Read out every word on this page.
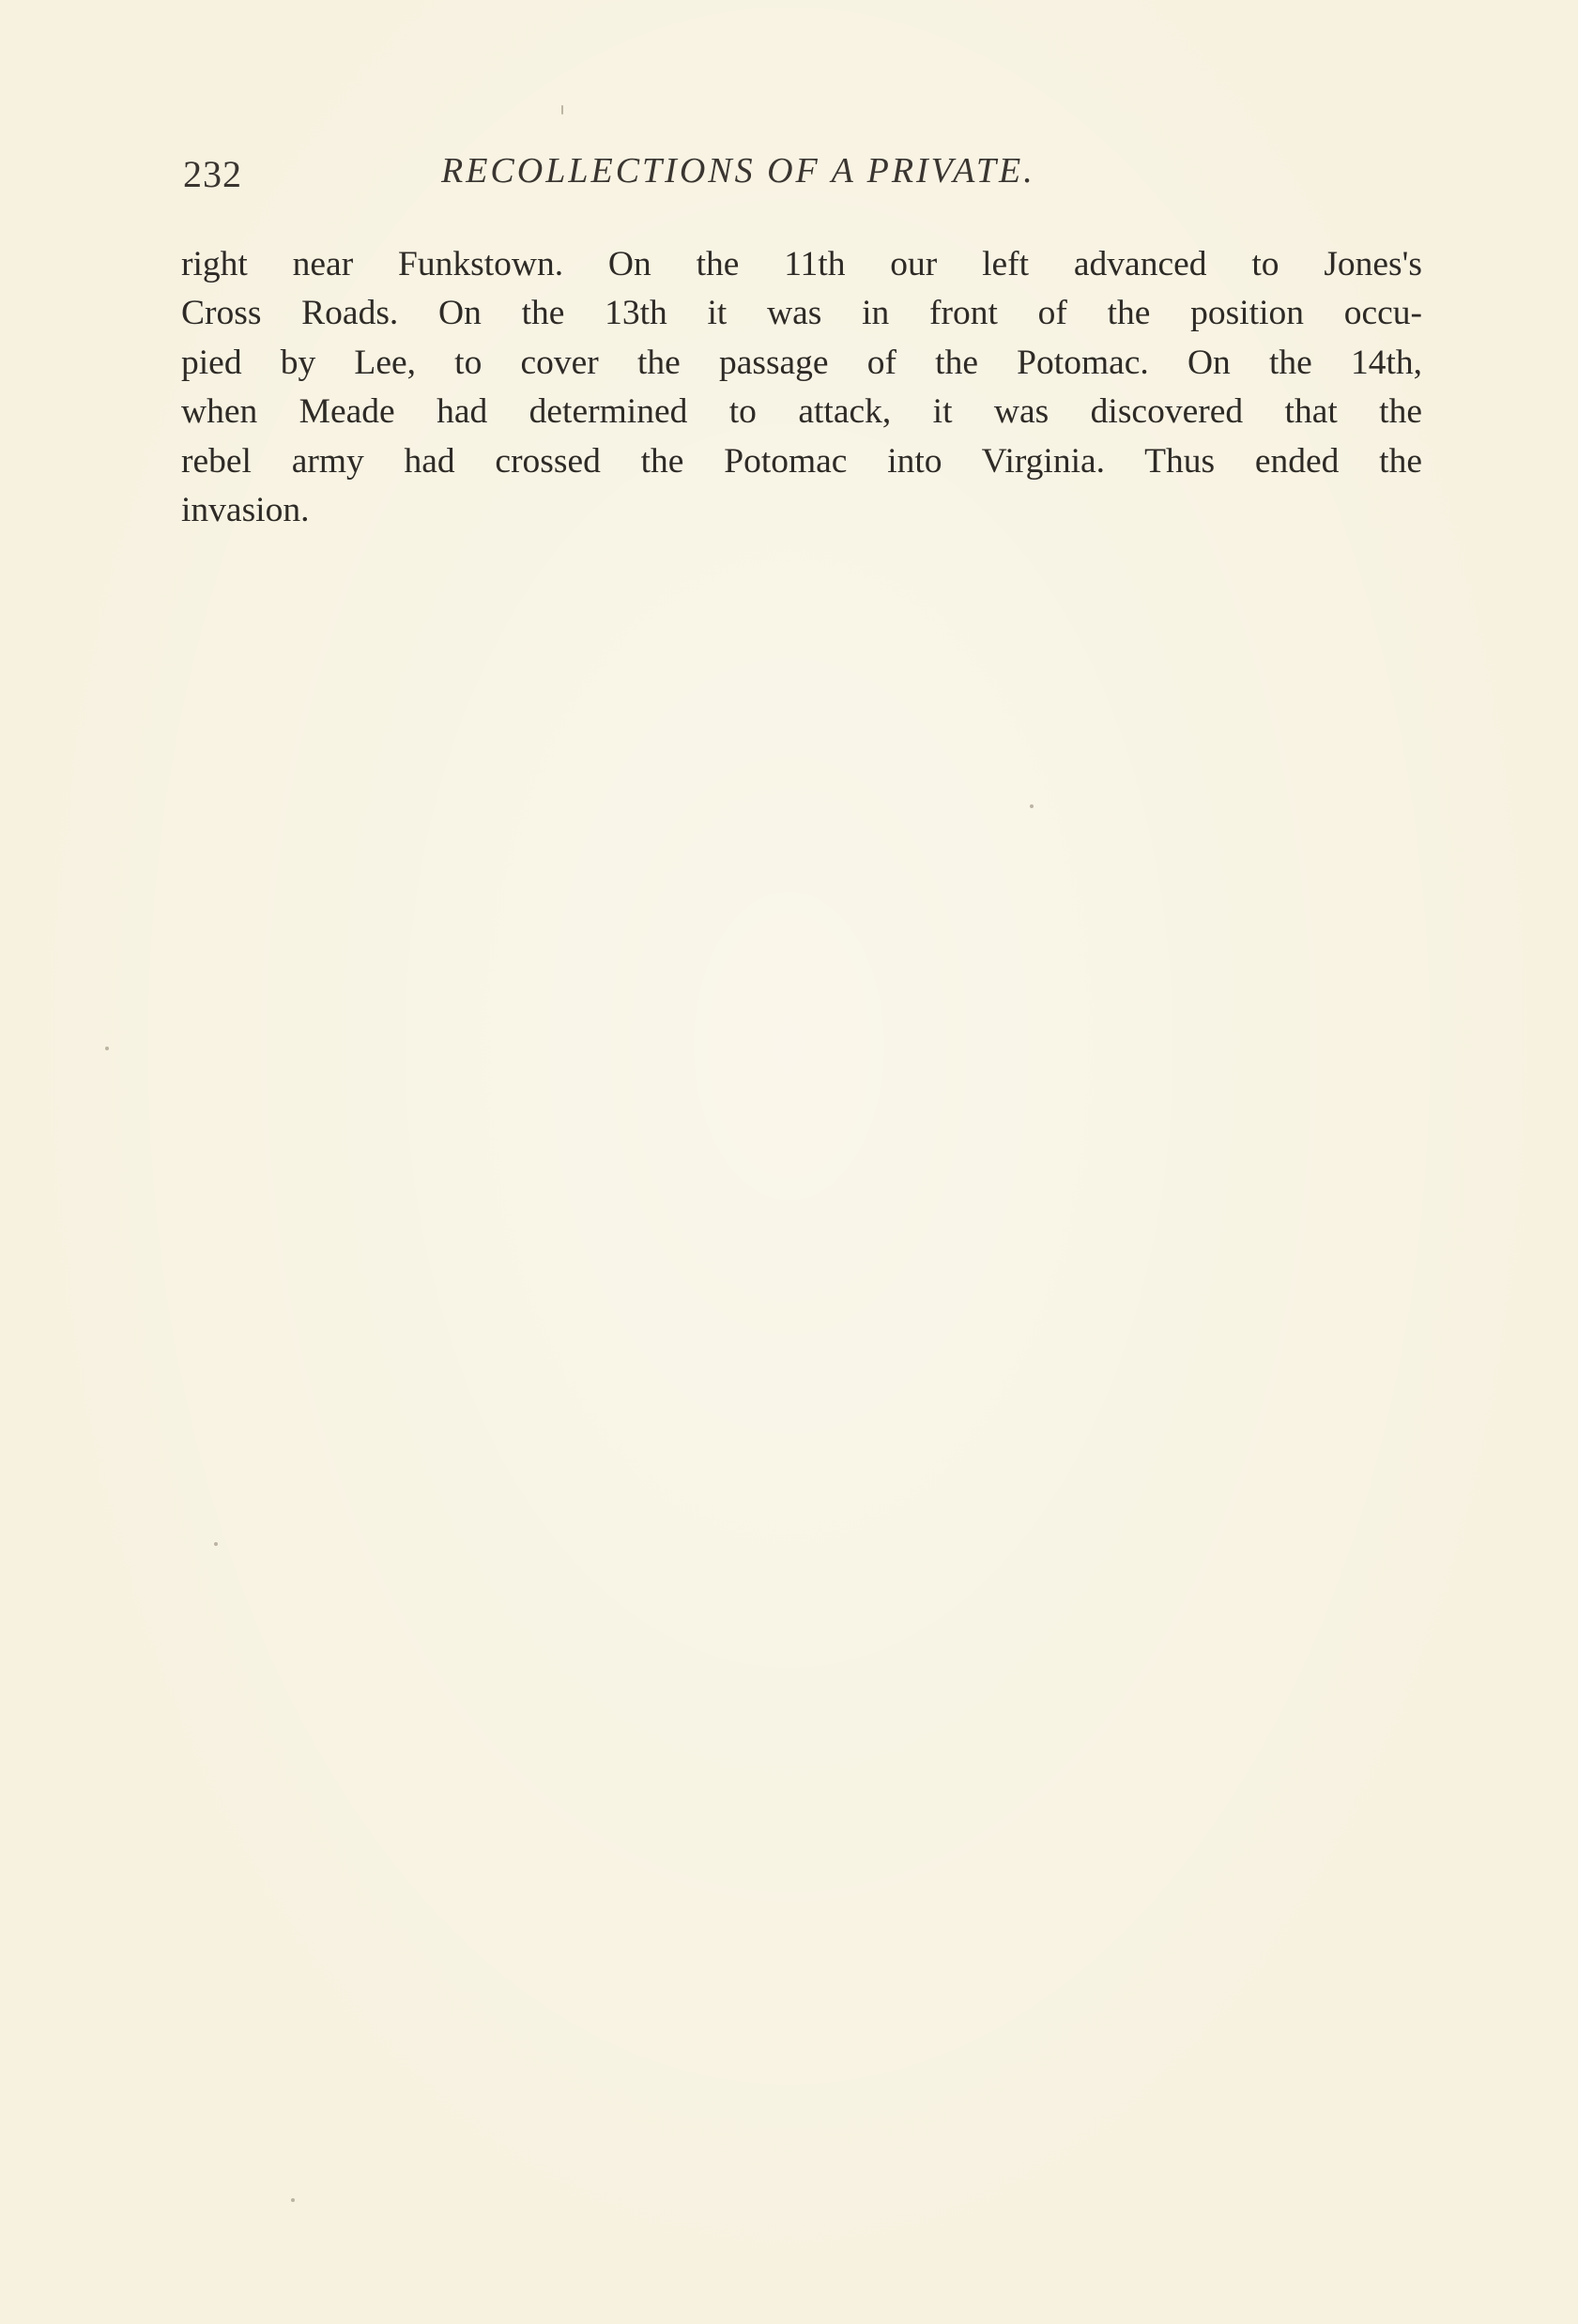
232	RECOLLECTIONS OF A PRIVATE.
right near Funkstown. On the 11th our left advanced to Jones's
Cross Roads. On the 13th it was in front of the position occu-
pied by Lee, to cover the passage of the Potomac. On the 14th,
when Meade had determined to attack, it was discovered that the
rebel army had crossed the Potomac into Virginia. Thus ended the
invasion.
